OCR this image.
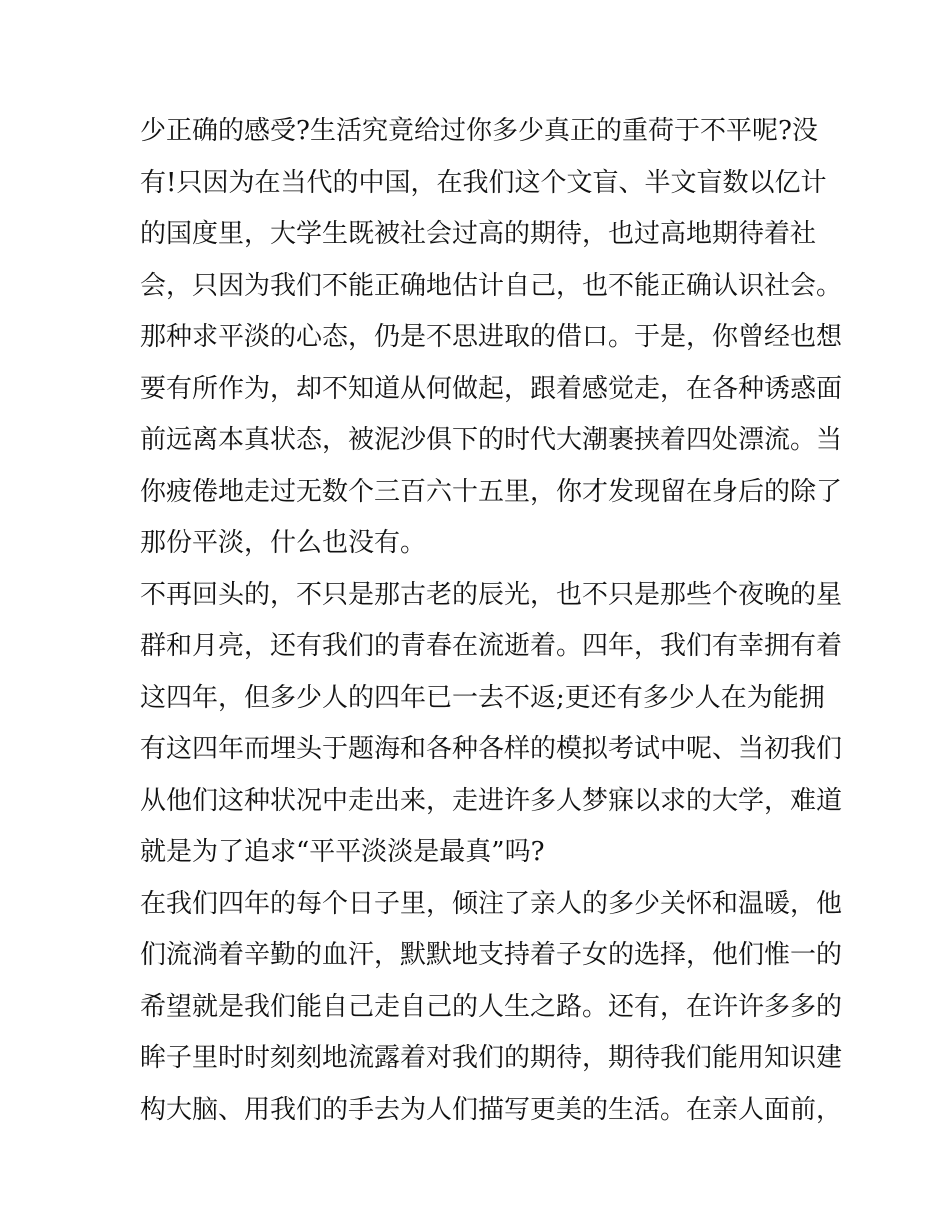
少正确的感受?生活究竟给过你多少真正的重荷于不平呢?没
有!只因为在当代的中国，在我们这个文盲、半文盲数以亿计
的国度里，大学生既被社会过高的期待，也过高地期待着社
会，只因为我们不能正确地估计自己，也不能正确认识社会。
那种求平淡的心态，仍是不思进取的借口。于是，你曾经也想
要有所作为，却不知道从何做起，跟着感觉走，在各种诱惑面
前远离本真状态，被泥沙俱下的时代大潮裹挟着四处漂流。当
你疲倦地走过无数个三百六十五里，你才发现留在身后的除了
那份平淡，什么也没有。
不再回头的，不只是那古老的辰光，也不只是那些个夜晚的星
群和月亮，还有我们的青春在流逝着。四年，我们有幸拥有着
这四年，但多少人的四年已一去不返;更还有多少人在为能拥
有这四年而埋头于题海和各种各样的模拟考试中呢、当初我们
从他们这种状况中走出来，走进许多人梦寐以求的大学，难道
就是为了追求“平平淡淡是最真”吗?
在我们四年的每个日子里，倾注了亲人的多少关怀和温暖，他
们流淌着辛勤的血汗，默默地支持着子女的选择，他们惟一的
希望就是我们能自己走自己的人生之路。还有，在许许多多的
眸子里时时刻刻地流露着对我们的期待，期待我们能用知识建
构大脑、用我们的手去为人们描写更美的生活。在亲人面前，
